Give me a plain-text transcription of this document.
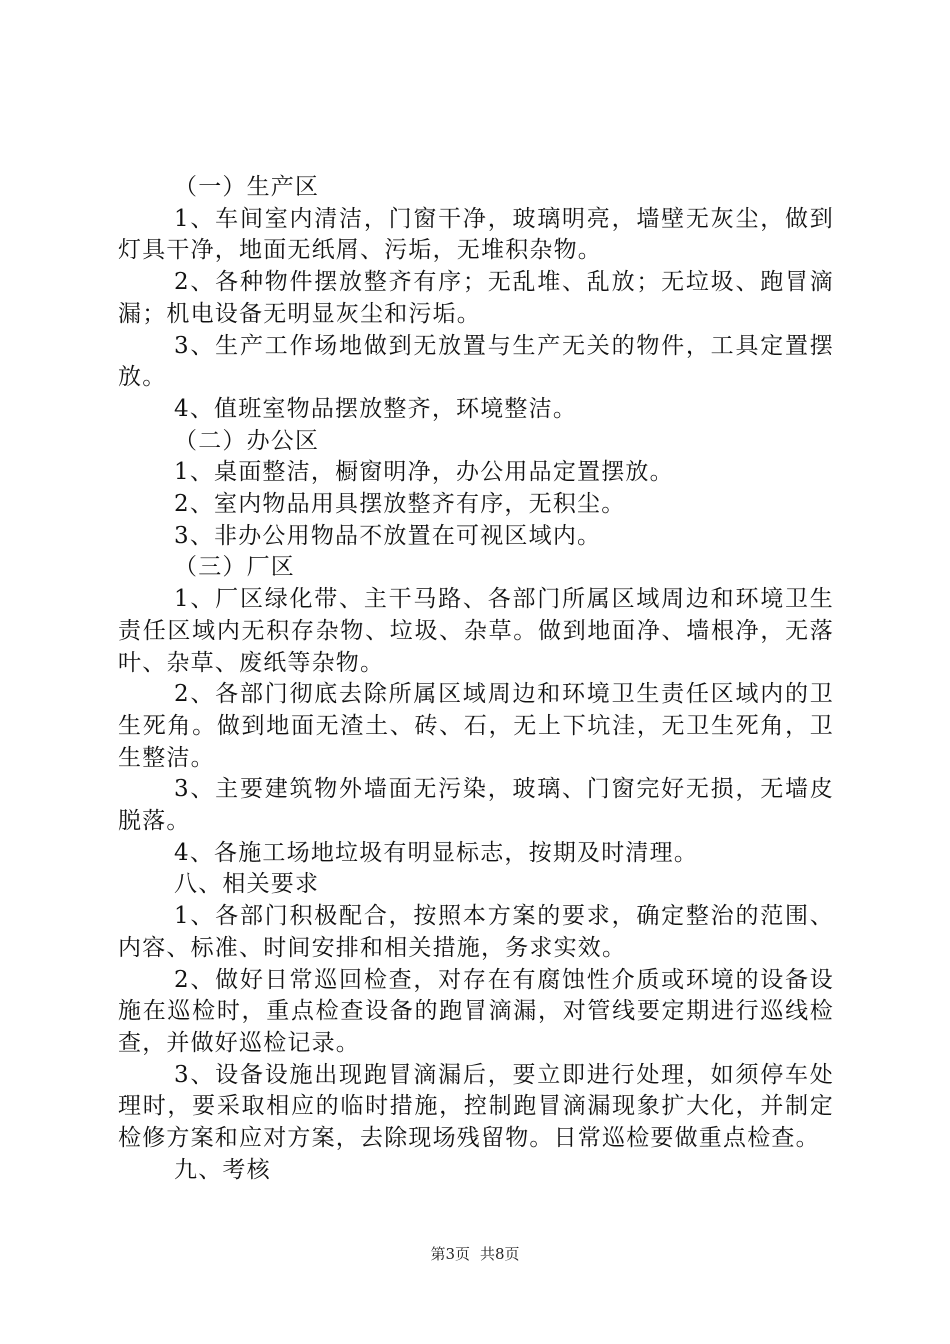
（一）生产区

1、车间室内清洁，门窗干净，玻璃明亮，墙壁无灰尘，做到灯具干净，地面无纸屑、污垢，无堆积杂物。

2、各种物件摆放整齐有序；无乱堆、乱放；无垃圾、跑冒滴漏；机电设备无明显灰尘和污垢。

3、生产工作场地做到无放置与生产无关的物件，工具定置摆放。

4、值班室物品摆放整齐，环境整洁。

（二）办公区

1、桌面整洁，橱窗明净，办公用品定置摆放。

2、室内物品用具摆放整齐有序，无积尘。

3、非办公用物品不放置在可视区域内。

（三）厂区

1、厂区绿化带、主干马路、各部门所属区域周边和环境卫生责任区域内无积存杂物、垃圾、杂草。做到地面净、墙根净，无落叶、杂草、废纸等杂物。

2、各部门彻底去除所属区域周边和环境卫生责任区域内的卫生死角。做到地面无渣土、砖、石，无上下坑洼，无卫生死角，卫生整洁。

3、主要建筑物外墙面无污染，玻璃、门窗完好无损，无墙皮脱落。

4、各施工场地垃圾有明显标志，按期及时清理。

八、相关要求

1、各部门积极配合，按照本方案的要求，确定整治的范围、内容、标准、时间安排和相关措施，务求实效。

2、做好日常巡回检查，对存在有腐蚀性介质或环境的设备设施在巡检时，重点检查设备的跑冒滴漏，对管线要定期进行巡线检查，并做好巡检记录。

3、设备设施出现跑冒滴漏后，要立即进行处理，如须停车处理时，要采取相应的临时措施，控制跑冒滴漏现象扩大化，并制定检修方案和应对方案，去除现场残留物。日常巡检要做重点检查。

九、考核

第3页 共8页
